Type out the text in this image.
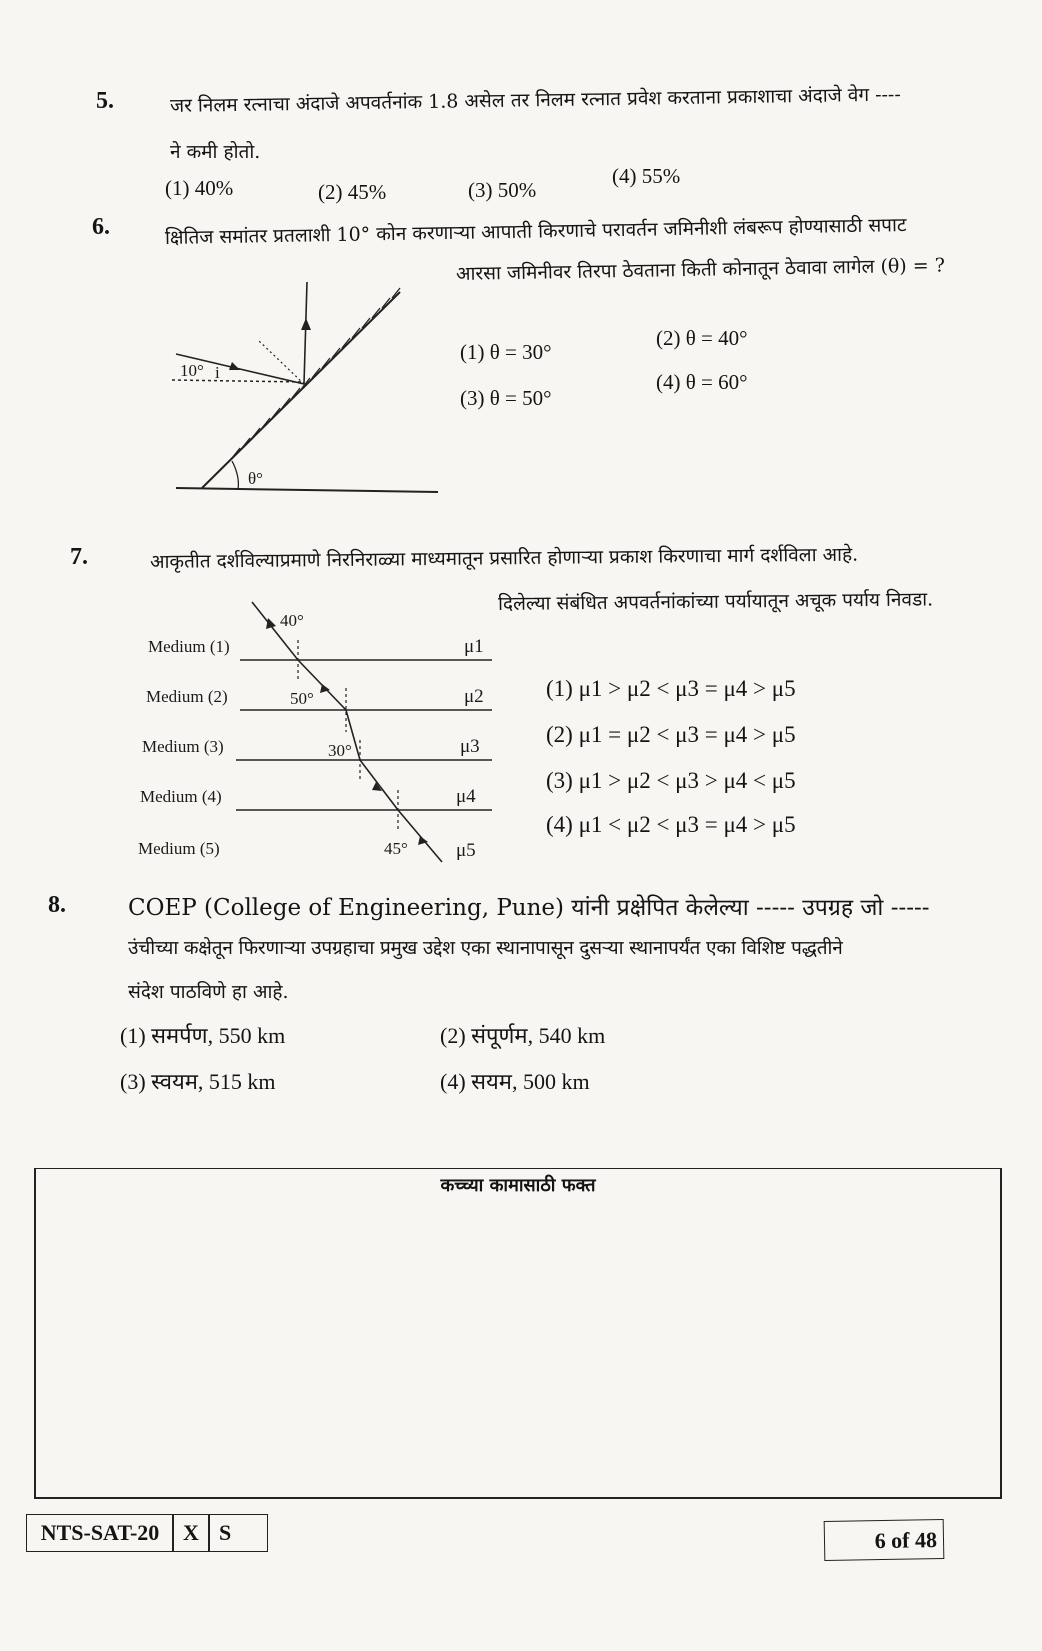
5.	जर निलम रत्नाचा अंदाजे अपवर्तनांक 1.8 असेल तर निलम रत्नात प्रवेश करताना प्रकाशाचा अंदाजे वेग ----
ने कमी होतो.
(1) 40%	(2) 45%	(3) 50%
(4) 55%
6.	क्षितिज समांतर प्रतलाशी 10° कोन करणाऱ्या आपाती किरणाचे परावर्तन जमिनीशी लंबरूप होण्यासाठी सपाट
आरसा जमिनीवर तिरपा ठेवताना किती कोनातून ठेवावा लागेल (θ) = ?
10° i
θ°
(1) θ = 30°
(2) θ = 40°
(3) θ = 50°
(4) θ = 60°
7.	आकृतीत दर्शविल्याप्रमाणे निरनिराळ्या माध्यमातून प्रसारित होणाऱ्या प्रकाश किरणाचा मार्ग दर्शविला आहे.
दिलेल्या संबंधित अपवर्तनांकांच्या पर्यायातून अचूक पर्याय निवडा.
Medium (1)
Medium (2)
Medium (3)
Medium (4)
Medium (5)
μ1
μ2
μ3
μ4
μ5
40°
50°
30°
45°
(1) μ1 > μ2 < μ3 = μ4 > μ5
(2) μ1 = μ2 < μ3 = μ4 > μ5
(3) μ1 > μ2 < μ3 > μ4 < μ5
(4) μ1 < μ2 < μ3 = μ4 > μ5
8.	COEP (College of Engineering, Pune) यांनी प्रक्षेपित केलेल्या ----- उपग्रह जो -----
उंचीच्या कक्षेतून फिरणाऱ्या उपग्रहाचा प्रमुख उद्देश एका स्थानापासून दुसऱ्या स्थानापर्यंत एका विशिष्ट पद्धतीने
संदेश पाठविणे हा आहे.
(1) समर्पण, 550 km	(2) संपूर्णम, 540 km
(3) स्वयम, 515 km	(4) सयम, 500 km
कच्च्या कामासाठी फक्त
NTS-SAT-20	X S	6 of 48
